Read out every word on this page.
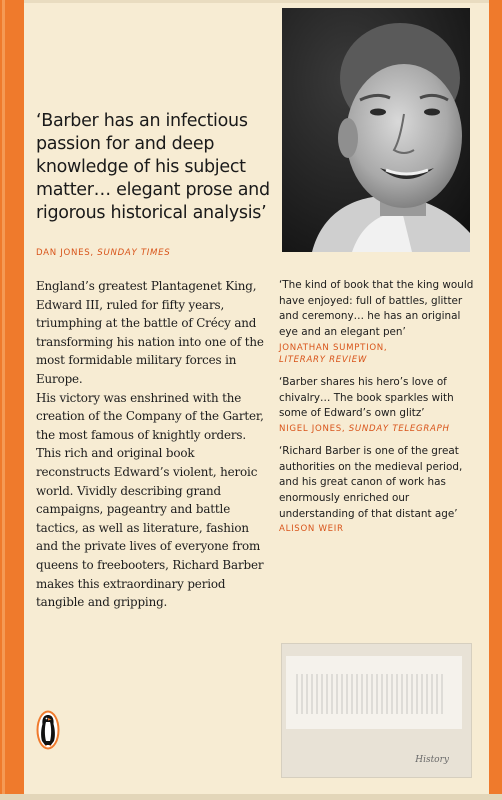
‘Barber has an infectious passion for and deep knowledge of his subject matter… elegant prose and rigorous historical analysis’
DAN JONES, SUNDAY TIMES

England’s greatest Plantagenet King, Edward III, ruled for fifty years, triumphing at the battle of Crécy and transforming his nation into one of the most formidable military forces in Europe.

His victory was enshrined with the creation of the Company of the Garter, the most famous of knightly orders. This rich and original book reconstructs Edward’s violent, heroic world. Vividly describing grand campaigns, pageantry and battle tactics, as well as literature, fashion and the private lives of everyone from queens to freebooters, Richard Barber makes this extraordinary period tangible and gripping.

‘The kind of book that the king would have enjoyed: full of battles, glitter and ceremony… he has an original eye and an elegant pen’

JONATHAN SUMPTION,
LITERARY REVIEW

‘Barber shares his hero’s love of chivalry… The book sparkles with some of Edward’s own glitz’

NIGEL JONES, SUNDAY TELEGRAPH

‘Richard Barber is one of the great authorities on the medieval period, and his great canon of work has enormously enriched our understanding of that distant age’

ALISON WEIR
History
